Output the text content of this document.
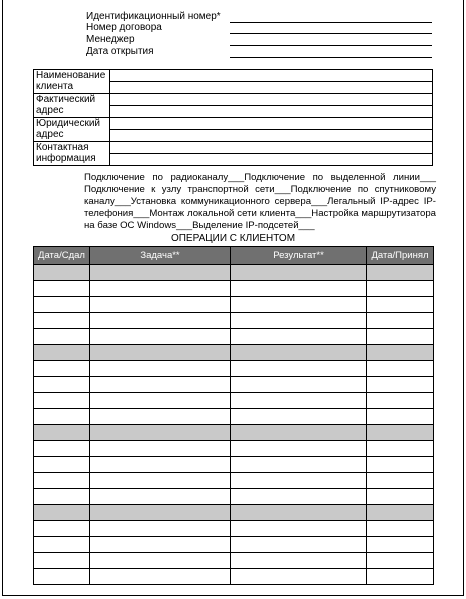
Идентификационный номер*
Номер договора
Менеджер
Дата открытия
Наименование клиента	

Фактический адрес	

Юридический адрес	

Контактная информация	

Подключение по радиоканалу___Подключение по выделенной линии___ Подключение к узлу транспортной сети___Подключение по спутниковому каналу___Установка коммуникационного сервера___Легальный IP-адрес IP-телефония___Монтаж локальной сети клиента___Настройка маршрутизатора на базе ОС Windows___Выделение IP-подсетей___
ОПЕРАЦИИ С КЛИЕНТОМ
Дата/Сдал	Задача**	Результат**	Дата/Принял
